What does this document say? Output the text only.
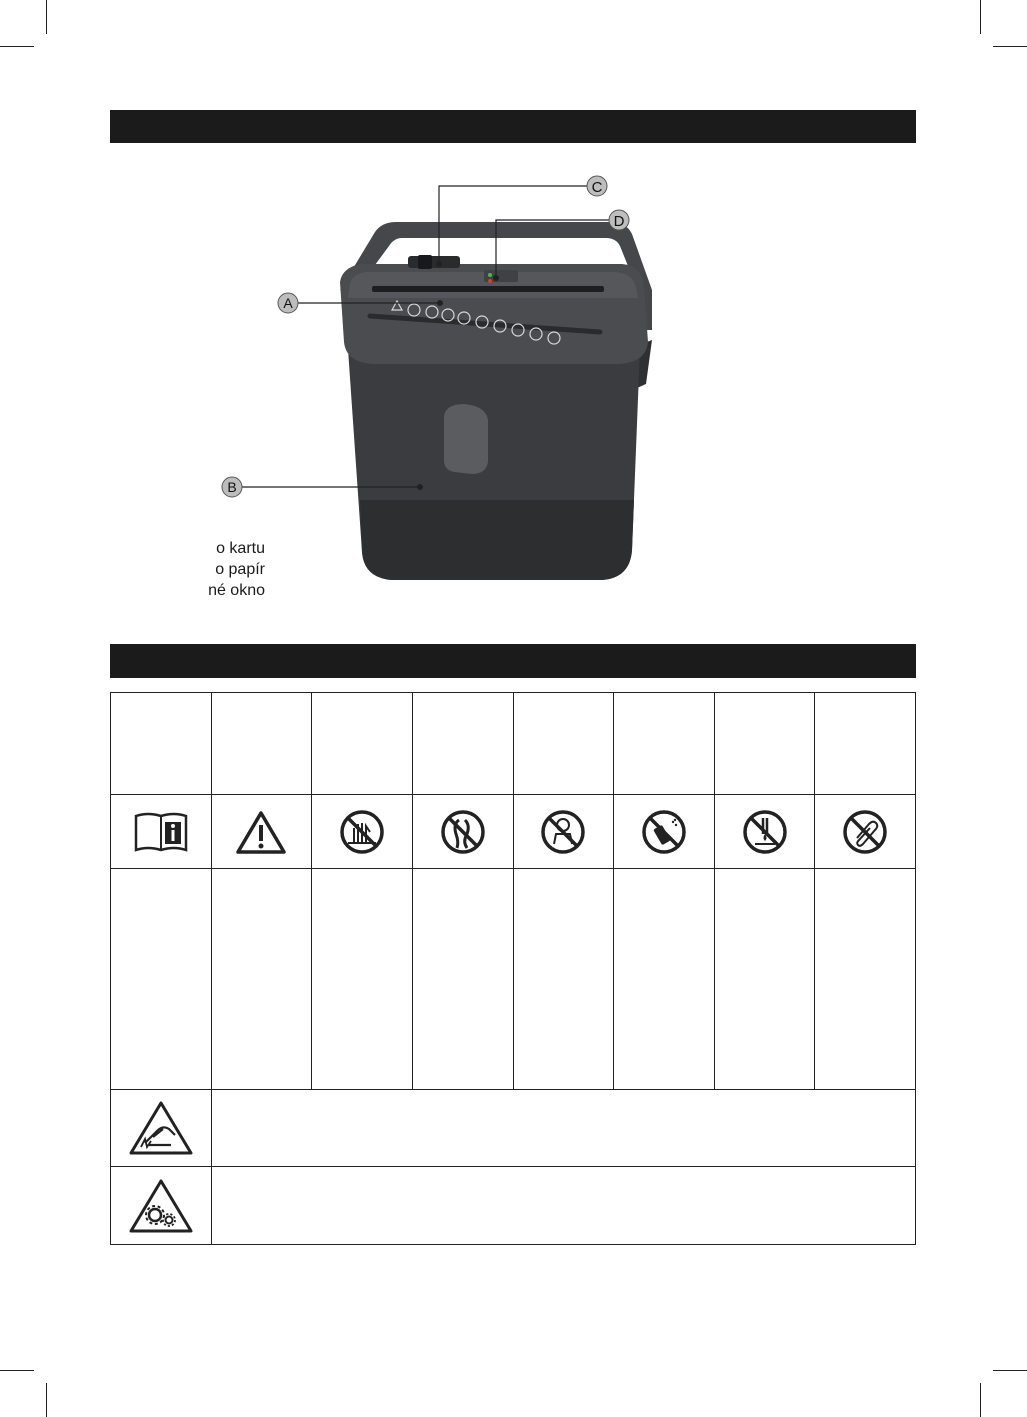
C
D
A
B
o kartu
o papír
né okno
